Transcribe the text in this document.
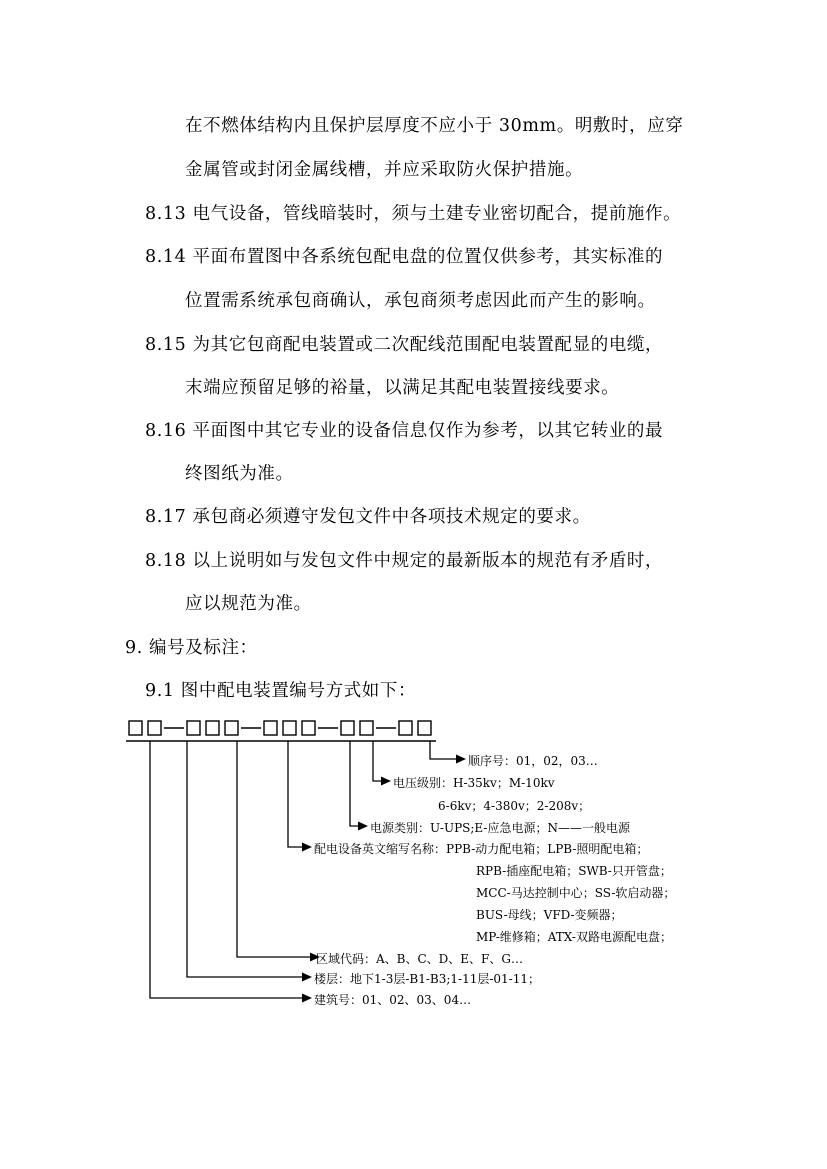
在不燃体结构内且保护层厚度不应小于 30mm。明敷时，应穿
金属管或封闭金属线槽，并应采取防火保护措施。
8.13 电气设备，管线暗装时，须与土建专业密切配合，提前施作。
8.14 平面布置图中各系统包配电盘的位置仅供参考，其实标准的
位置需系统承包商确认，承包商须考虑因此而产生的影响。
8.15 为其它包商配电装置或二次配线范围配电装置配显的电缆，
末端应预留足够的裕量，以满足其配电装置接线要求。
8.16 平面图中其它专业的设备信息仅作为参考，以其它转业的最
终图纸为准。
8.17 承包商必须遵守发包文件中各项技术规定的要求。
8.18 以上说明如与发包文件中规定的最新版本的规范有矛盾时，
应以规范为准。
9. 编号及标注：
9.1 图中配电装置编号方式如下：
顺序号：01，02，03…
电压级别：H-35kv；M-10kv
6-6kv；4-380v；2-208v；
电源类别：U-UPS;E-应急电源；N——一般电源
配电设备英文缩写名称：PPB-动力配电箱；LPB-照明配电箱；
RPB-插座配电箱；SWB-只开管盘；
MCC-马达控制中心；SS-软启动器；
BUS-母线；VFD-变频器；
MP-维修箱；ATX-双路电源配电盘；
区域代码：A、B、C、D、E、F、G…
楼层：地下1-3层-B1-B3;1-11层-01-11；
建筑号：01、02、03、04…
